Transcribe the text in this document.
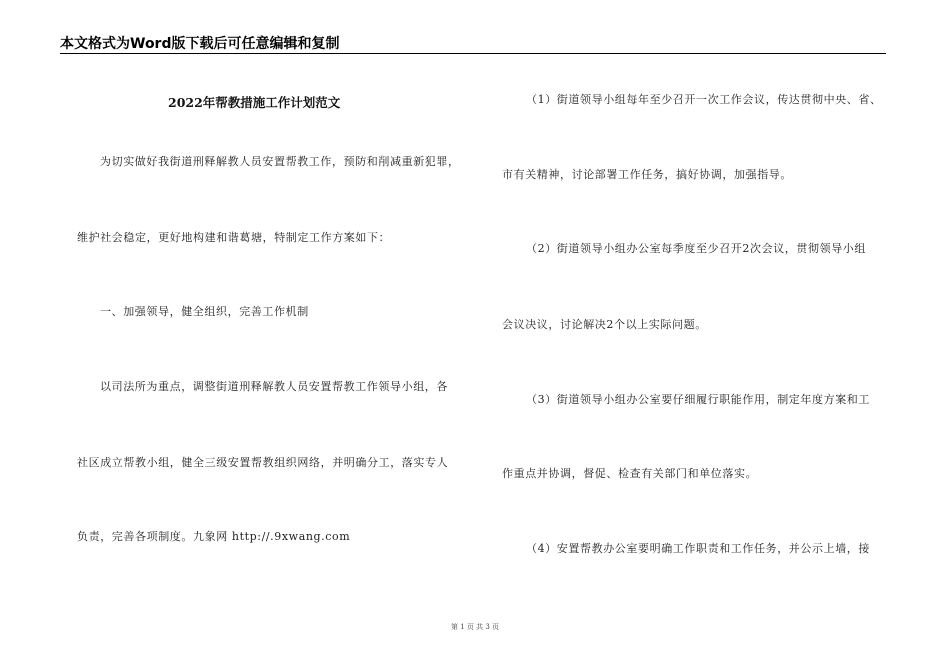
本文格式为Word版下载后可任意编辑和复制
2022年帮教措施工作计划范文
为切实做好我街道刑释解教人员安置帮教工作，预防和削减重新犯罪，
维护社会稳定，更好地构建和谐葛塘，特制定工作方案如下：
一、加强领导，健全组织，完善工作机制
以司法所为重点，调整街道刑释解教人员安置帮教工作领导小组，各
社区成立帮教小组，健全三级安置帮教组织网络，并明确分工，落实专人
负责，完善各项制度。九象网 http://.9xwang.com
（1）街道领导小组每年至少召开一次工作会议，传达贯彻中央、省、
市有关精神，讨论部署工作任务，搞好协调，加强指导。
（2）街道领导小组办公室每季度至少召开2次会议，贯彻领导小组
会议决议，讨论解决2个以上实际问题。
（3）街道领导小组办公室要仔细履行职能作用，制定年度方案和工
作重点并协调，督促、检查有关部门和单位落实。
（4）安置帮教办公室要明确工作职责和工作任务，并公示上墙，接
第 1 页 共 3 页
